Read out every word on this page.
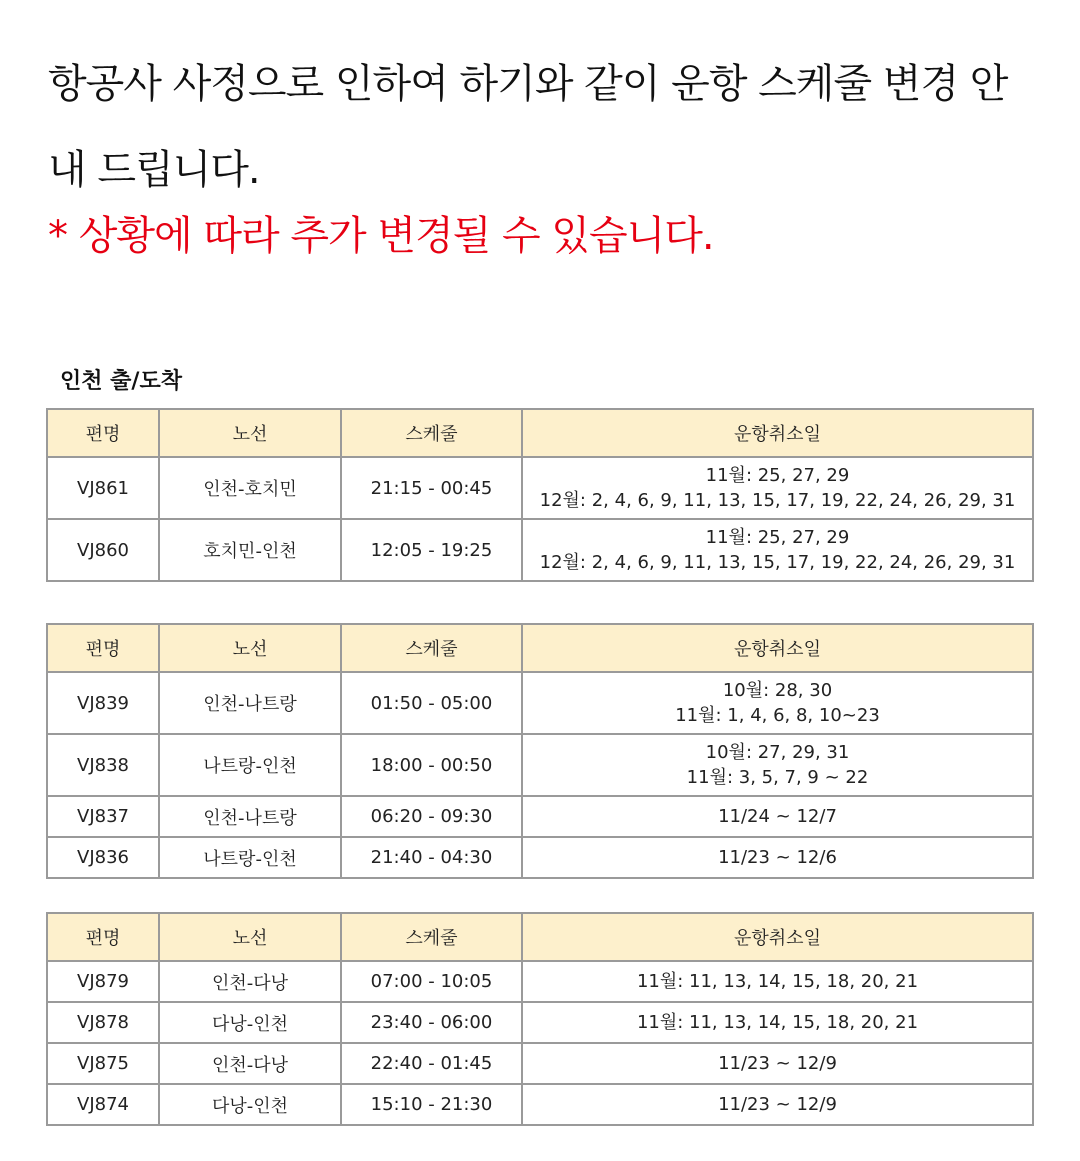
항공사 사정으로 인하여 하기와 같이 운항 스케줄 변경 안
내 드립니다.
* 상황에 따라 추가 변경될 수 있습니다.
인천 출/도착
편명	노선	스케줄	운항취소일
VJ861	인천-호치민	21:15 - 00:45	11월: 25, 27, 29
12월: 2, 4, 6, 9, 11, 13, 15, 17, 19, 22, 24, 26, 29, 31

VJ860	호치민-인천	12:05 - 19:25	11월: 25, 27, 29
12월: 2, 4, 6, 9, 11, 13, 15, 17, 19, 22, 24, 26, 29, 31
편명	노선	스케줄	운항취소일
VJ839	인천-나트랑	01:50 - 05:00	10월: 28, 30
11월: 1, 4, 6, 8, 10~23

VJ838	나트랑-인천	18:00 - 00:50	10월: 27, 29, 31
11월: 3, 5, 7, 9 ~ 22

VJ837	인천-나트랑	06:20 - 09:30	11/24 ~ 12/7

VJ836	나트랑-인천	21:40 - 04:30	11/23 ~ 12/6
편명	노선	스케줄	운항취소일
VJ879	인천-다낭	07:00 - 10:05	11월: 11, 13, 14, 15, 18, 20, 21

VJ878	다낭-인천	23:40 - 06:00	11월: 11, 13, 14, 15, 18, 20, 21

VJ875	인천-다낭	22:40 - 01:45	11/23 ~ 12/9

VJ874	다낭-인천	15:10 - 21:30	11/23 ~ 12/9
